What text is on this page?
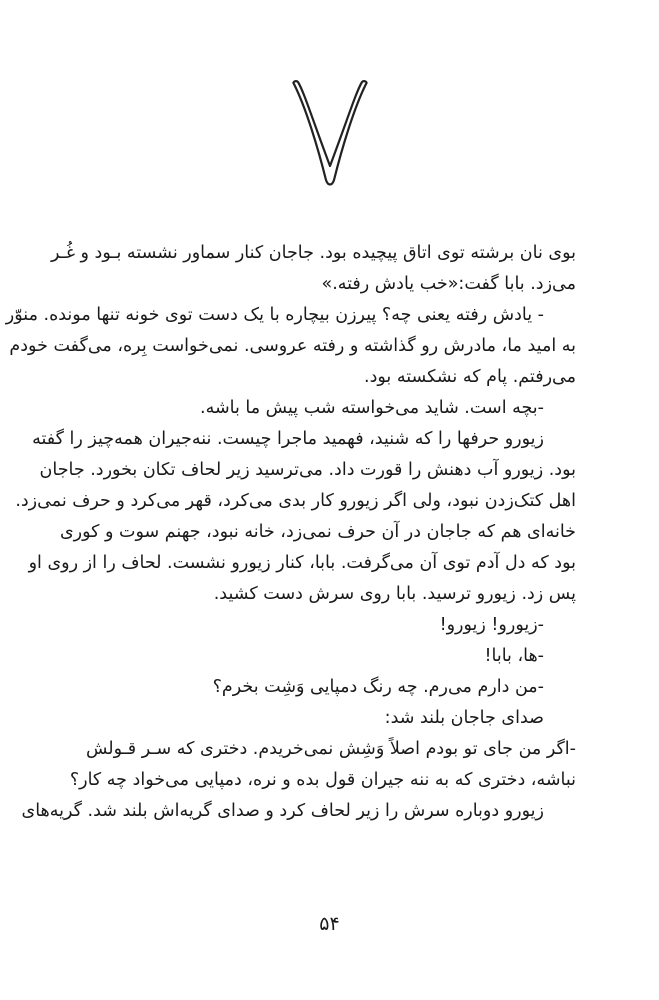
بوی نان برشته توی اتاق پیچیده بود. جاجان کنار سماور نشسته بـود و غُـر
می‌زد. بابا گفت:«خب یادش رفته.»
- یادش رفته یعنی چه؟ پیرزن بیچاره با یک دست توی خونه تنها مونده. منوّر
به امید ما، مادرش رو گذاشته و رفته عروسی. نمی‌خواست بِره، می‌گفت خودم
می‌رفتم. پام که نشکسته بود.
-بچه است. شاید می‌خواسته شب پیش ما باشه.
زیورو حرفها را که شنید، فهمید ماجرا چیست. ننه‌جیران همه‌چیز را گفته
بود. زیورو آب دهنش را قورت داد. می‌ترسید زیر لحاف تکان بخورد. جاجان
اهل کتک‌زدن نبود، ولی اگر زیورو کار بدی می‌کرد، قهر می‌کرد و حرف نمی‌زد.
خانه‌ای هم که جاجان در آن حرف نمی‌زد، خانه نبود، جهنم سوت و کوری
بود که دل آدم توی آن می‌گرفت. بابا، کنار زیورو نشست. لحاف را از روی او
پس زد. زیورو ترسید. بابا روی سرش دست کشید.
-زیورو! زیورو!
-ها، بابا!
-من دارم می‌رم. چه رنگ دمپایی وَشِت بخرم؟
صدای جاجان بلند شد:
-اگر من جای تو بودم اصلاً وَشِش نمی‌خریدم. دختری که سـر قـولش
نباشه، دختری که به ننه جیران قول بده و نره، دمپایی می‌خواد چه کار؟
زیورو دوباره سرش را زیر لحاف کرد و صدای گریه‌اش بلند شد. گریه‌های
۵۴
